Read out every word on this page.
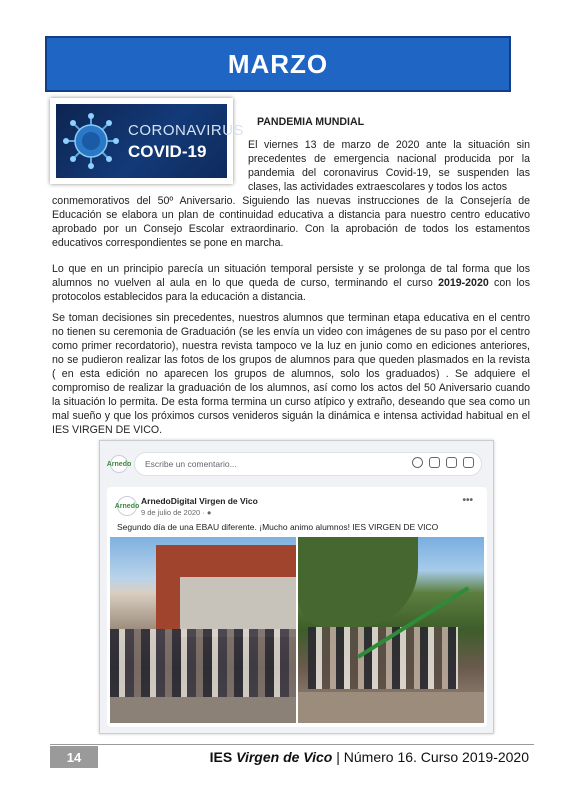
MARZO
CORONAVIRUS
COVID-19
PANDEMIA MUNDIAL
El viernes 13 de marzo de 2020 ante la situación sin precedentes de emergencia nacional producida por la pandemia del coronavirus Covid-19, se suspenden las clases, las actividades extraescolares y todos los actos
conmemorativos del 50º Aniversario. Siguiendo las nuevas instrucciones de la Consejería de Educación se elabora un plan de continuidad educativa a distancia para nuestro centro educativo aprobado por un Consejo Escolar extraordinario. Con la aprobación de todos los estamentos educativos correspondientes se pone en marcha.
Lo que en un principio parecía un situación temporal persiste y se prolonga de tal forma que los alumnos no vuelven al aula en lo que queda de curso, terminando el curso 2019-2020 con los protocolos establecidos para la educación a distancia.
Se toman decisiones sin precedentes, nuestros alumnos que terminan etapa educativa en el centro no tienen su ceremonia de Graduación (se les envía un video con imágenes de su paso por el centro como primer recordatorio), nuestra revista tampoco ve la luz en junio como en ediciones anteriores, no se pudieron realizar las fotos de los grupos de alumnos para que queden plasmados en la revista ( en esta edición no aparecen los grupos de alumnos, solo los graduados) . Se adquiere el compromiso de realizar la graduación de los alumnos, así como los actos del 50 Aniversario cuando la situación lo permita. De esta forma termina un curso atípico y extraño, deseando que sea como un mal sueño y que los próximos cursos venideros siguán la dinámica e intensa actividad habitual en el IES VIRGEN DE VICO.
Arnedo	Escribe un comentario...
Arnedo ArnedoDigital Virgen de Vico
9 de julio de 2020 · ●
•••
Segundo día de una EBAU diferente. ¡Mucho animo alumnos! IES VIRGEN DE VICO
14	IES Virgen de Vico | Número 16. Curso 2019-2020
